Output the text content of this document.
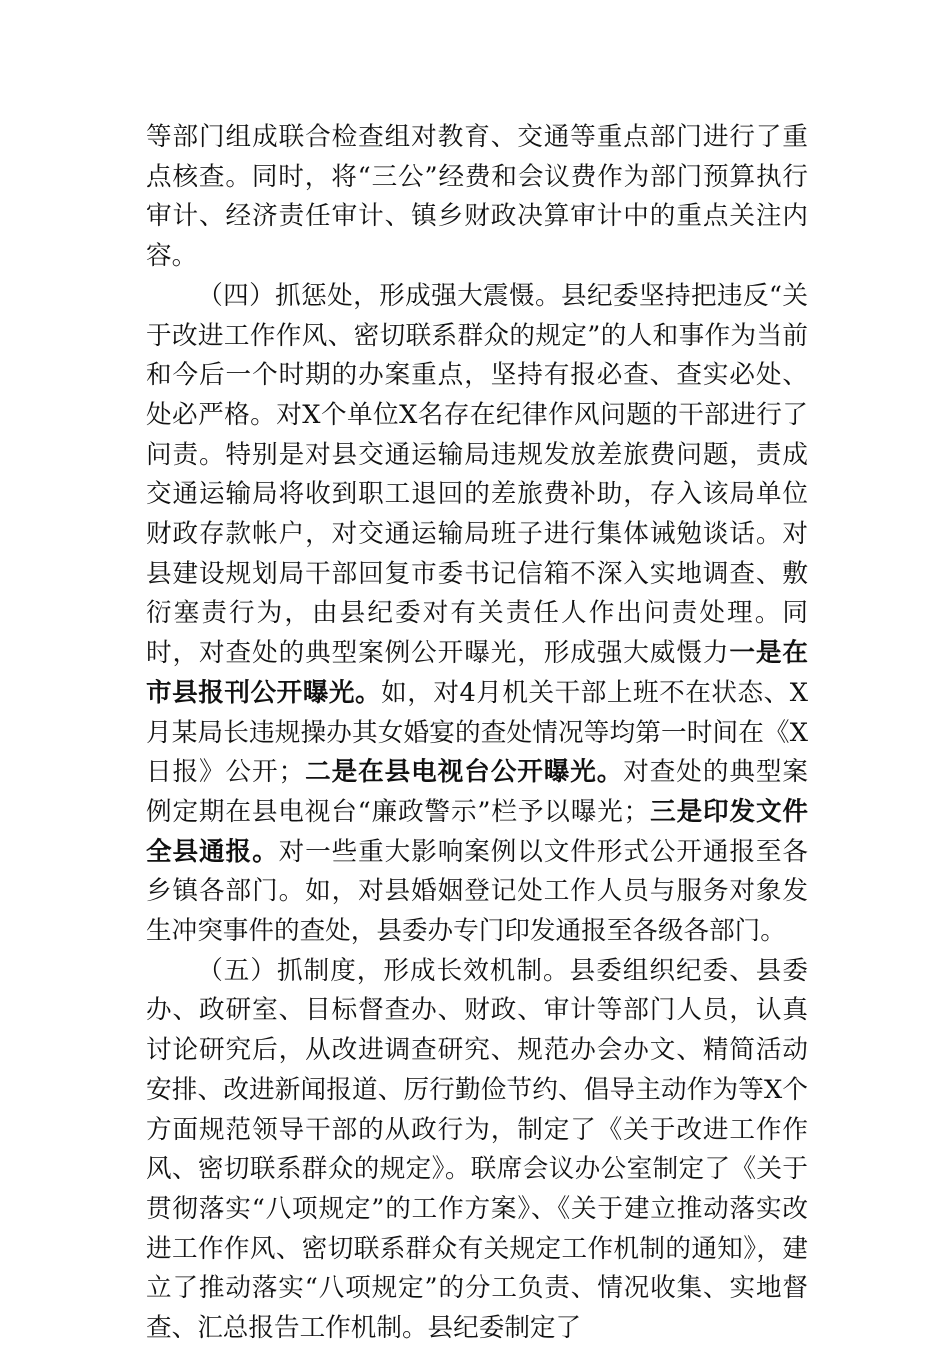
等部门组成联合检查组对教育、交通等重点部门进行了重点核查。同时，将“三公”经费和会议费作为部门预算执行审计、经济责任审计、镇乡财政决算审计中的重点关注内容。

（四）抓惩处，形成强大震慑。县纪委坚持把违反“关于改进工作作风、密切联系群众的规定”的人和事作为当前和今后一个时期的办案重点，坚持有报必查、查实必处、处必严格。对X个单位X名存在纪律作风问题的干部进行了问责。特别是对县交通运输局违规发放差旅费问题，责成交通运输局将收到职工退回的差旅费补助，存入该局单位财政存款帐户，对交通运输局班子进行集体诫勉谈话。对县建设规划局干部回复市委书记信箱不深入实地调查、敷衍塞责行为，由县纪委对有关责任人作出问责处理。同时，对查处的典型案例公开曝光，形成强大威慑力一是在市县报刊公开曝光。如，对4月机关干部上班不在状态、X月某局长违规操办其女婚宴的查处情况等均第一时间在《X日报》公开；二是在县电视台公开曝光。对查处的典型案例定期在县电视台“廉政警示”栏予以曝光；三是印发文件全县通报。对一些重大影响案例以文件形式公开通报至各乡镇各部门。如，对县婚姻登记处工作人员与服务对象发生冲突事件的查处，县委办专门印发通报至各级各部门。

（五）抓制度，形成长效机制。县委组织纪委、县委办、政研室、目标督查办、财政、审计等部门人员，认真讨论研究后，从改进调查研究、规范办会办文、精简活动安排、改进新闻报道、厉行勤俭节约、倡导主动作为等X个方面规范领导干部的从政行为，制定了《关于改进工作作风、密切联系群众的规定》。联席会议办公室制定了《关于贯彻落实“八项规定”的工作方案》、《关于建立推动落实改进工作作风、密切联系群众有关规定工作机制的通知》，建立了推动落实“八项规定”的分工负责、情况收集、实地督查、汇总报告工作机制。县纪委制定了
